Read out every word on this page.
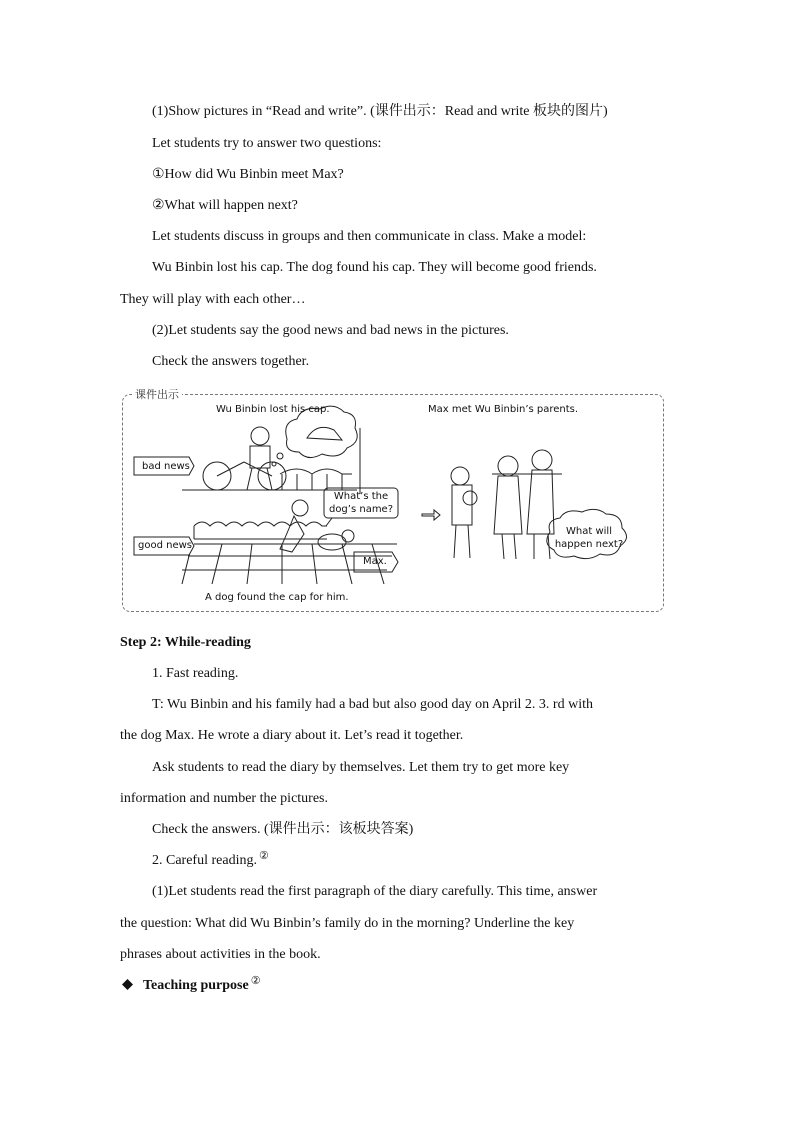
(1)Show pictures in “Read and write”. (课件出示：Read and write 板块的图片)
Let students try to answer two questions:
①How did Wu Binbin meet Max?
②What will happen next?
Let students discuss in groups and then communicate in class. Make a model:
Wu Binbin lost his cap. The dog found his cap. They will become good friends.
They will play with each other…
(2)Let students say the good news and bad news in the pictures.
Check the answers together.
课件出示
Wu Binbin lost his cap.	Max met Wu Binbin’s parents.
bad news
good news
What’s the dog’s name?
Max.
What will happen next?
A dog found the cap for him.
Step 2: While-reading
1. Fast reading.
T: Wu Binbin and his family had a bad but also good day on April 2. 3. rd with
the dog Max. He wrote a diary about it. Let’s read it together.
Ask students to read the diary by themselves. Let them try to get more key
information and number the pictures.
Check the answers. (课件出示：该板块答案)
2. Careful reading. ②
(1)Let students read the first paragraph of the diary carefully. This time, answer
the question: What did Wu Binbin’s family do in the morning? Underline the key
phrases about activities in the book.
Teaching purpose ②
